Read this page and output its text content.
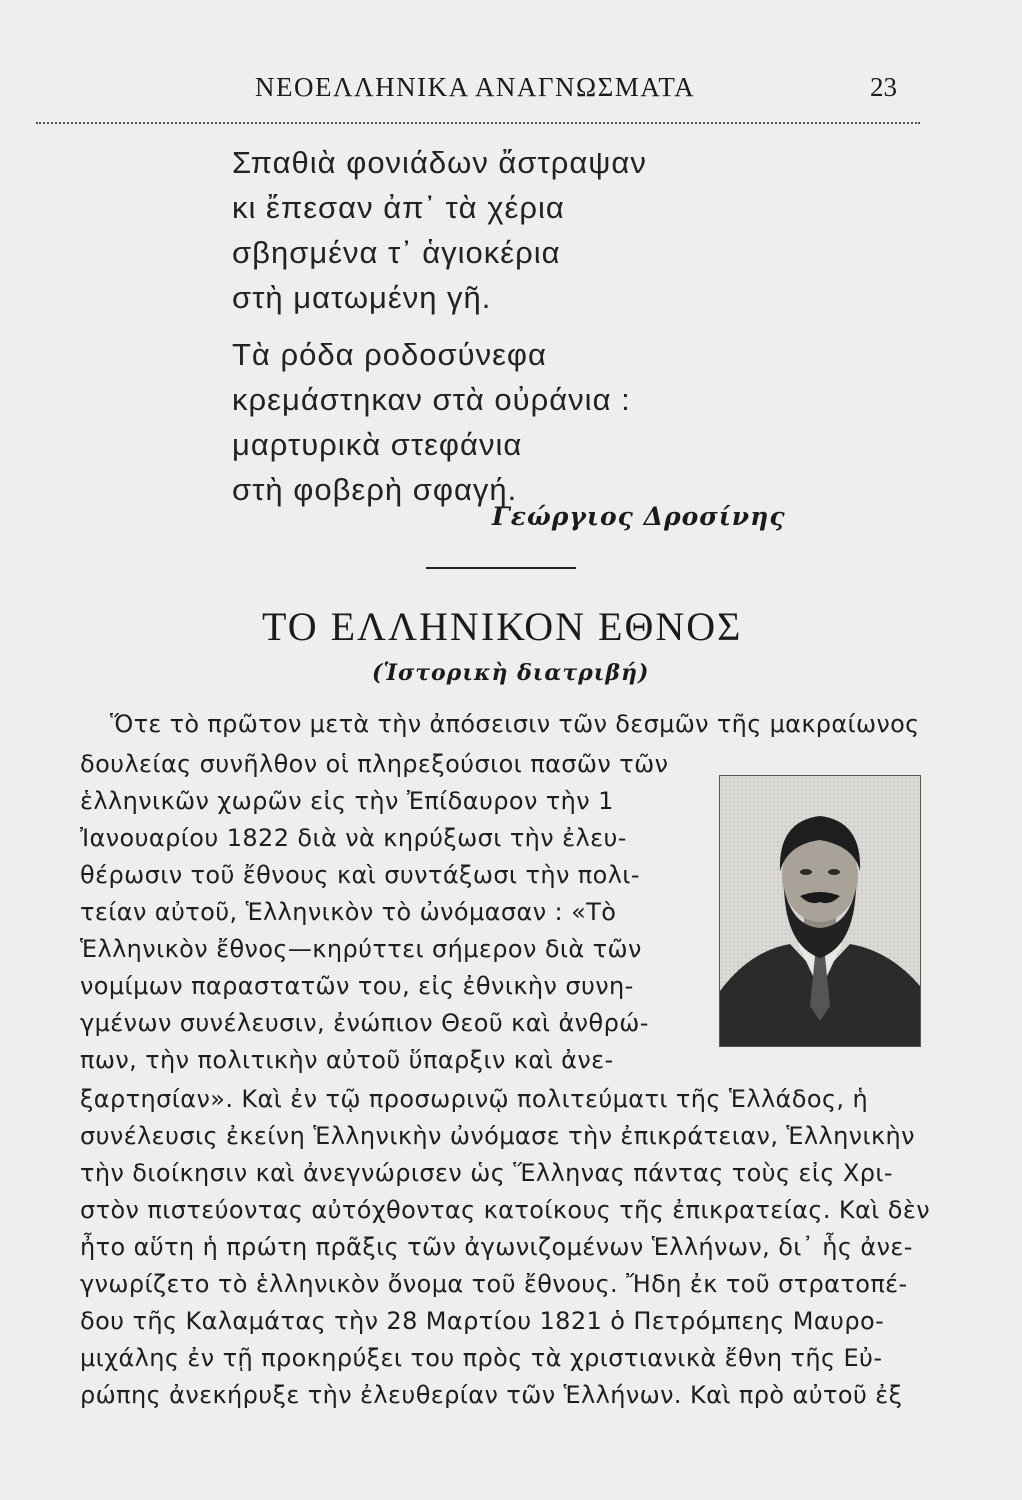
ΝΕΟΕΛΛΗΝΙΚΑ ΑΝΑΓΝΩΣΜΑΤΑ	23
Σπαθιὰ φονιάδων ἄστραψαν
κι ἔπεσαν ἀπ᾿ τὰ χέρια
σβησμένα τ᾿ ἁγιοκέρια
στὴ ματωμένη γῆ.
Τὰ ρόδα ροδοσύνεφα
κρεμάστηκαν στὰ οὐράνια :
μαρτυρικὰ στεφάνια
στὴ φοβερὴ σφαγή.
Γεώργιος Δροσίνης
ΤΟ ΕΛΛΗΝΙΚΟΝ ΕΘΝΟΣ
(Ἱστορικὴ διατριβή)
Ὅτε τὸ πρῶτον μετὰ τὴν ἀπόσεισιν τῶν δεσμῶν τῆς μακραίωνος
δουλείας συνῆλθον οἱ πληρεξούσιοι πασῶν τῶν
ἑλληνικῶν χωρῶν εἰς τὴν Ἐπίδαυρον τὴν 1
Ἰανουαρίου 1822 διὰ νὰ κηρύξωσι τὴν ἐλευ-
θέρωσιν τοῦ ἔθνους καὶ συντάξωσι τὴν πολι-
τείαν αὐτοῦ, Ἑλληνικὸν τὸ ὠνόμασαν : «Τὸ
Ἑλληνικὸν ἔθνος—κηρύττει σήμερον διὰ τῶν
νομίμων παραστατῶν του, εἰς ἐθνικὴν συνη-
γμένων συνέλευσιν, ἐνώπιον Θεοῦ καὶ ἀνθρώ-
πων, τὴν πολιτικὴν αὐτοῦ ὕπαρξιν καὶ ἀνε-
ξαρτησίαν». Καὶ ἐν τῷ προσωρινῷ πολιτεύματι τῆς Ἑλλάδος, ἡ
συνέλευσις ἐκείνη Ἑλληνικὴν ὠνόμασε τὴν ἐπικράτειαν, Ἑλληνικὴν
τὴν διοίκησιν καὶ ἀνεγνώρισεν ὡς Ἕλληνας πάντας τοὺς εἰς Χρι-
στὸν πιστεύοντας αὐτόχθοντας κατοίκους τῆς ἐπικρατείας. Καὶ δὲν
ἦτο αὕτη ἡ πρώτη πρᾶξις τῶν ἀγωνιζομένων Ἑλλήνων, δι᾿ ἧς ἀνε-
γνωρίζετο τὸ ἑλληνικὸν ὄνομα τοῦ ἔθνους. Ἤδη ἐκ τοῦ στρατοπέ-
δου τῆς Καλαμάτας τὴν 28 Μαρτίου 1821 ὁ Πετρόμπεης Μαυρο-
μιχάλης ἐν τῇ προκηρύξει του πρὸς τὰ χριστιανικὰ ἔθνη τῆς Εὐ-
ρώπης ἀνεκήρυξε τὴν ἐλευθερίαν τῶν Ἑλλήνων. Καὶ πρὸ αὐτοῦ ἐξ
